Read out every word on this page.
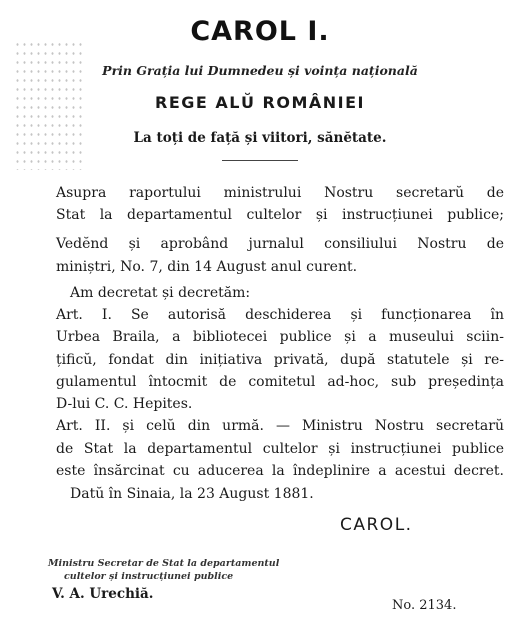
CAROL I.
Prin Grația lui Dumnedeu și voința națională
REGE ALŬ ROMÂNIEI
La toți de față și viitori, sănĕtate.
Asupra raportului ministrului Nostru secretarŭ de
Stat la departamentul cultelor și instrucțiunei publice;
Vedĕnd și aprobând jurnalul consiliului Nostru de
miniștri, No. 7, din 14 August anul curent.
Am decretat și decretăm:
Art. I. Se autorisă deschiderea și funcționarea în
Urbea Braila, a bibliotecei publice și a museului sciin-
țificŭ, fondat din inițiativa privată, după statutele și re-
gulamentul întocmit de comitetul ad-hoc, sub președința
D-lui C. C. Hepites.
Art. II. și celŭ din urmă. — Ministru Nostru secretarŭ
de Stat la departamentul cultelor și instrucțiunei publice
este însărcinat cu aducerea la îndeplinire a acestui decret.
Datŭ în Sinaia, la 23 August 1881.
CAROL.
Ministru Secretar de Stat la departamentul
cultelor și instrucțiunei publice
V. A. Urechiă.
No. 2134.
